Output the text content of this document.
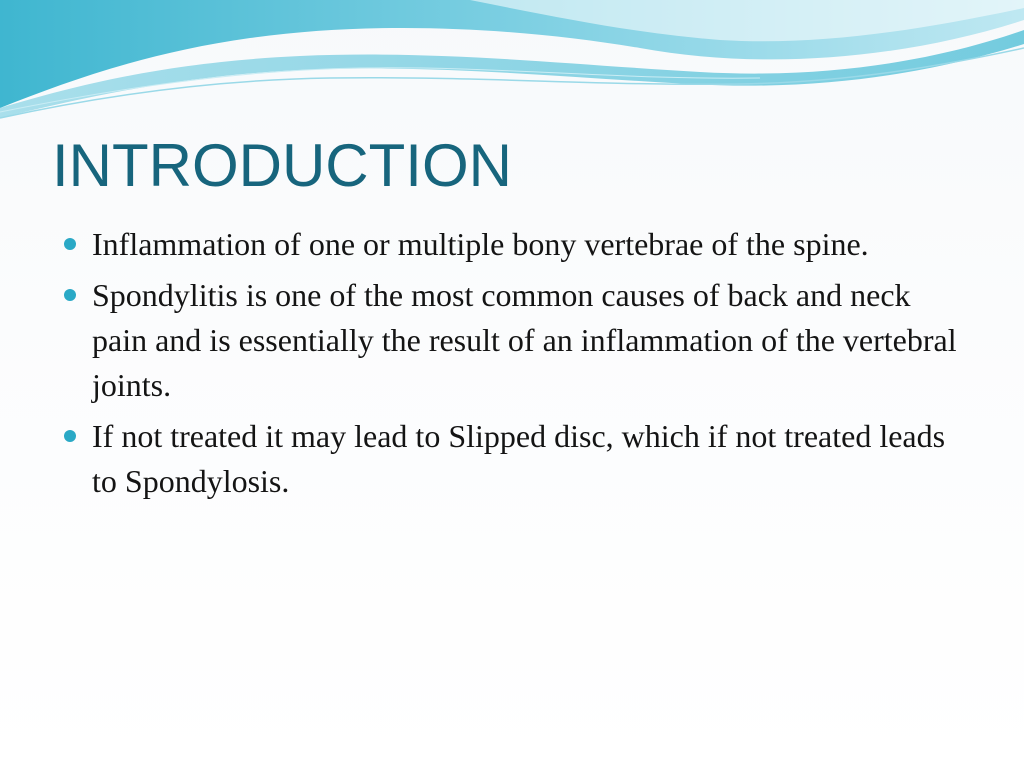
INTRODUCTION
Inflammation of one or multiple bony vertebrae of the spine.
Spondylitis is one of the most common causes of back and neck pain and is essentially the result of an inflammation of the vertebral joints.
If not treated it may lead to Slipped disc, which if not treated leads to Spondylosis.
